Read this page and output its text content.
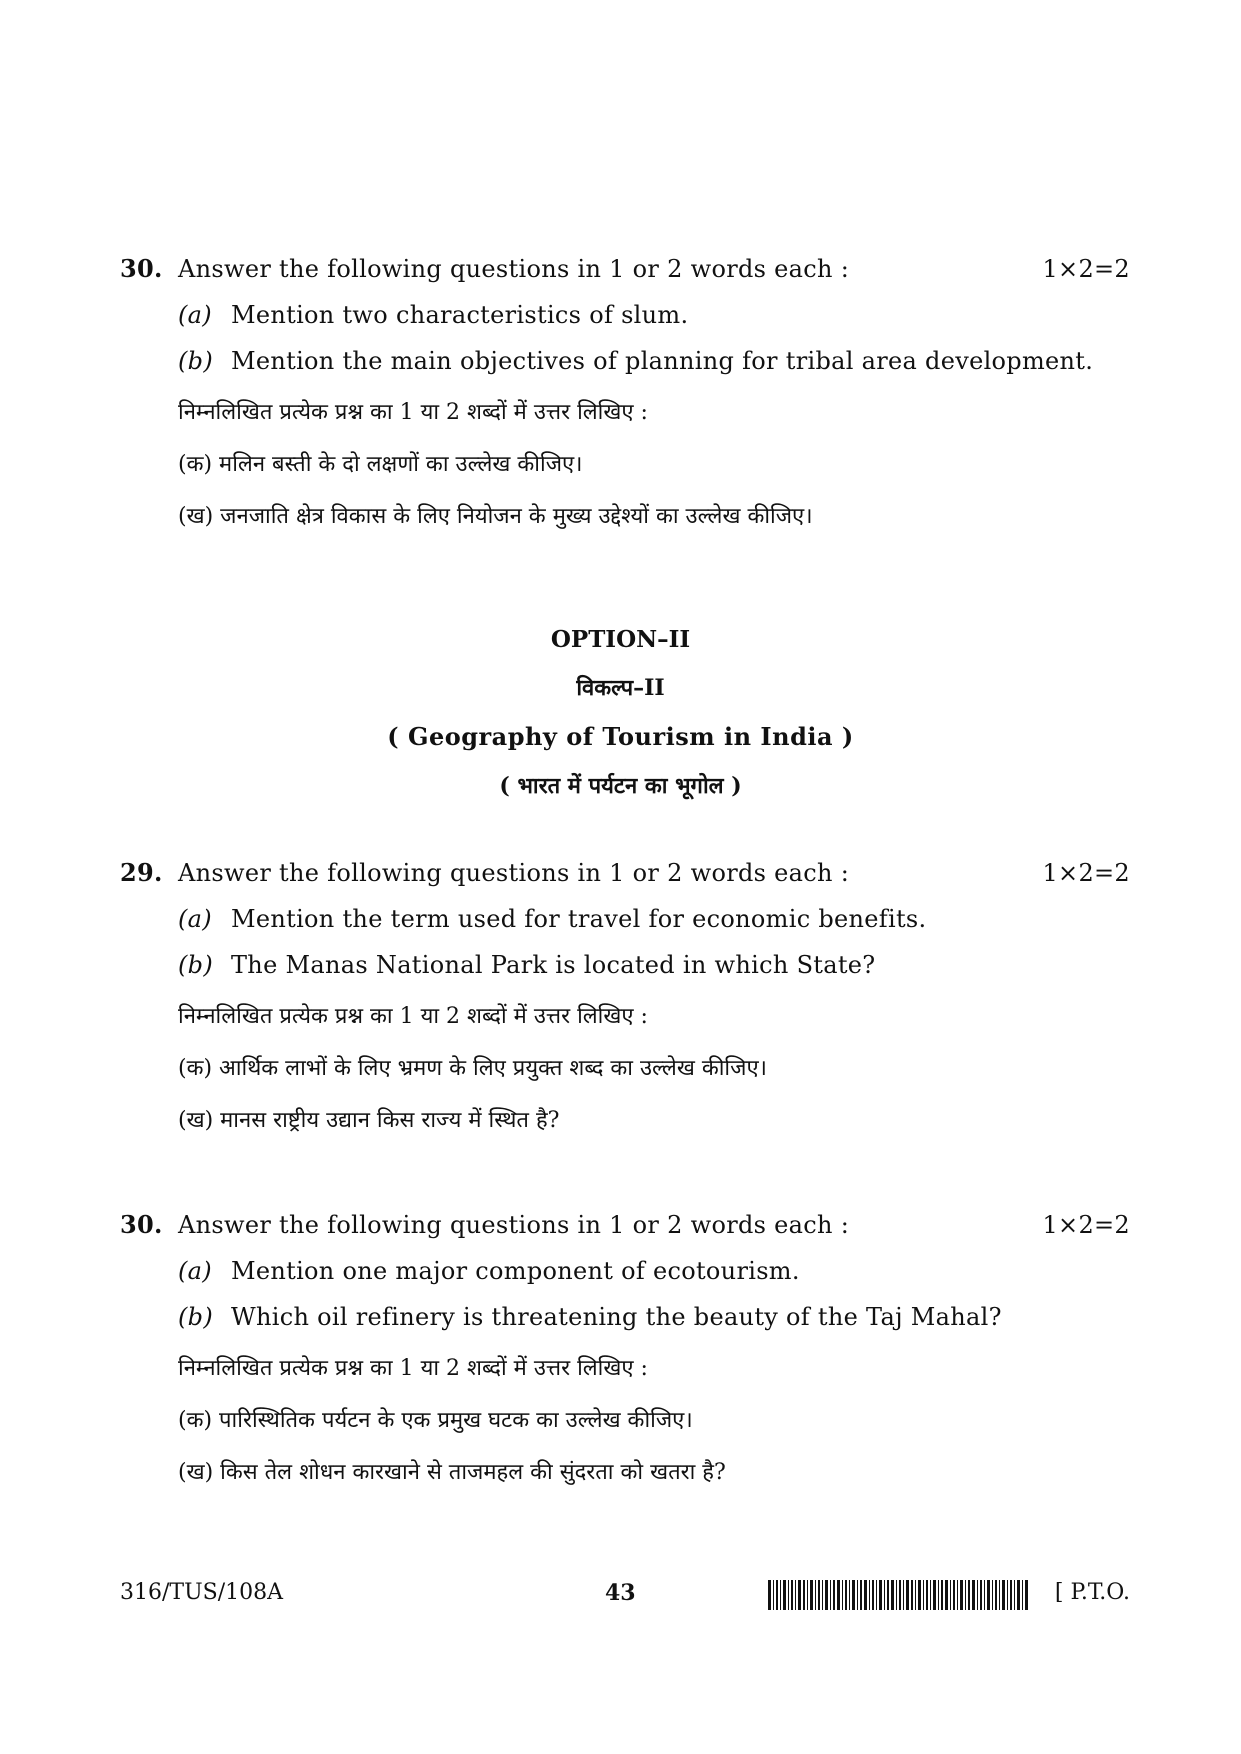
30. Answer the following questions in 1 or 2 words each :	1×2=2
(a) Mention two characteristics of slum.
(b) Mention the main objectives of planning for tribal area development.
निम्नलिखित प्रत्येक प्रश्न का 1 या 2 शब्दों में उत्तर लिखिए :
(क) मलिन बस्ती के दो लक्षणों का उल्लेख कीजिए।
(ख) जनजाति क्षेत्र विकास के लिए नियोजन के मुख्य उद्देश्यों का उल्लेख कीजिए।
OPTION–II
विकल्प–II
( Geography of Tourism in India )
( भारत में पर्यटन का भूगोल )
29. Answer the following questions in 1 or 2 words each :	1×2=2
(a) Mention the term used for travel for economic benefits.
(b) The Manas National Park is located in which State?
निम्नलिखित प्रत्येक प्रश्न का 1 या 2 शब्दों में उत्तर लिखिए :
(क) आर्थिक लाभों के लिए भ्रमण के लिए प्रयुक्त शब्द का उल्लेख कीजिए।
(ख) मानस राष्ट्रीय उद्यान किस राज्य में स्थित है?
30. Answer the following questions in 1 or 2 words each :	1×2=2
(a) Mention one major component of ecotourism.
(b) Which oil refinery is threatening the beauty of the Taj Mahal?
निम्नलिखित प्रत्येक प्रश्न का 1 या 2 शब्दों में उत्तर लिखिए :
(क) पारिस्थितिक पर्यटन के एक प्रमुख घटक का उल्लेख कीजिए।
(ख) किस तेल शोधन कारखाने से ताजमहल की सुंदरता को खतरा है?
316/TUS/108A	43	[ P.T.O.
